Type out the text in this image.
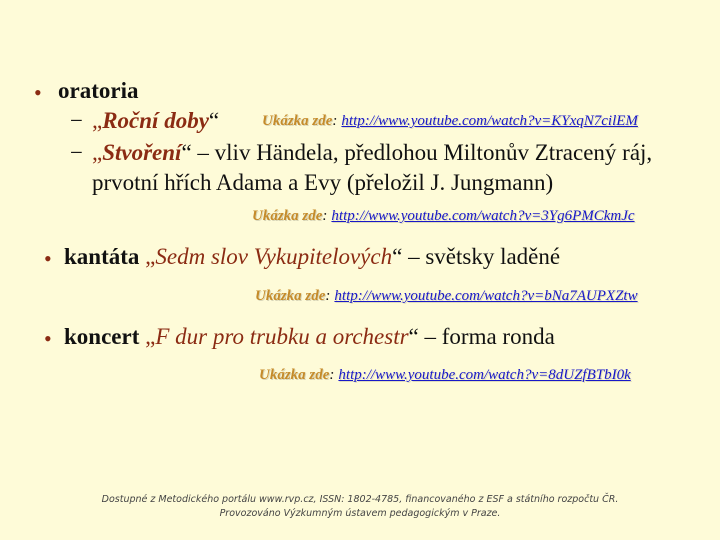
• oratoria
− „Roční doby“	Ukázka zde: http://www.youtube.com/watch?v=KYxqN7cilEM
− „Stvoření“ – vliv Händela, předlohou Miltonův Ztracený ráj,
prvotní hřích Adama a Evy (přeložil J. Jungmann)
Ukázka zde: http://www.youtube.com/watch?v=3Yg6PMCkmJc
• kantáta „Sedm slov Vykupitelových“ – světsky laděné
Ukázka zde: http://www.youtube.com/watch?v=bNa7AUPXZtw
• koncert „F dur pro trubku a orchestr“ – forma ronda
Ukázka zde: http://www.youtube.com/watch?v=8dUZfBTbI0k
Dostupné z Metodického portálu www.rvp.cz, ISSN: 1802-4785, financovaného z ESF a státního rozpočtu ČR.
Provozováno Výzkumným ústavem pedagogickým v Praze.
